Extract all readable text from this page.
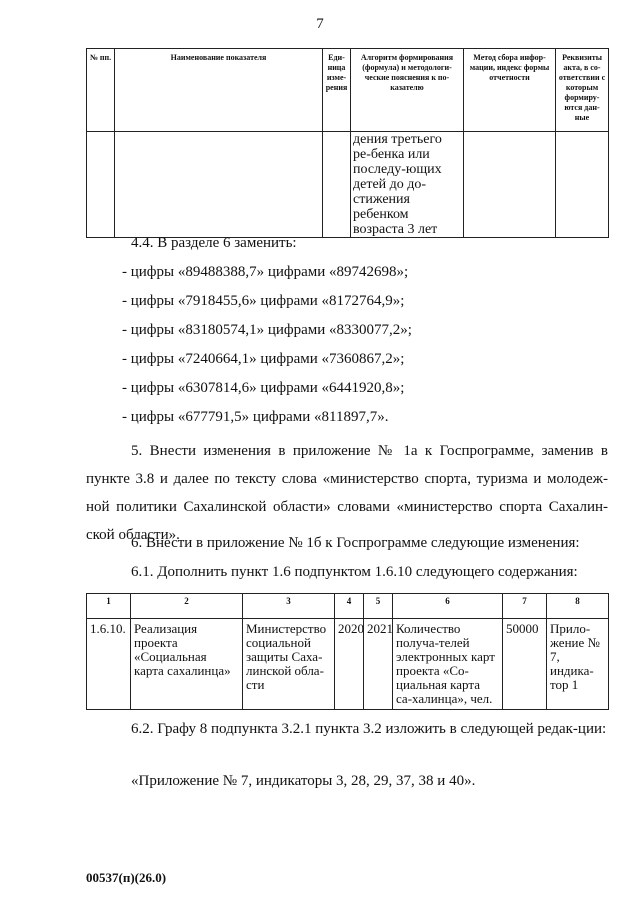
7
№ пп.	Наименование показателя	Еди-ница изме-рения	Алгоритм формирования (формула) и методологи-ческие пояснения к по-казателю	Метод сбора инфор-мации, индекс формы отчетности	Реквизиты акта, в со-ответствии с которым формиру-ются дан-ные
			дения третьего ре-бенка или последу-ющих детей до до-стижения ребенком возраста 3 лет		
4.4. В разделе 6 заменить:
- цифры «89488388,7» цифрами «89742698»;
- цифры «7918455,6» цифрами «8172764,9»;
- цифры «83180574,1» цифрами «8330077,2»;
- цифры «7240664,1» цифрами «7360867,2»;
- цифры «6307814,6» цифрами «6441920,8»;
- цифры «677791,5» цифрами «811897,7».
5. Внести изменения в приложение № 1а к Госпрограмме, заменив в пункте 3.8 и далее по тексту слова «министерство спорта, туризма и молодеж-ной политики Сахалинской области» словами «министерство спорта Сахалин-ской области».
6. Внести в приложение № 1б к Госпрограмме следующие изменения:
6.1. Дополнить пункт 1.6 подпунктом 1.6.10 следующего содержания:
1	2	3	4	5	6	7	8
1.6.10.	Реализация проекта «Социальная карта сахалинца»	Министерство социальной защиты Саха-линской обла-сти	2020	2021	Количество получа-телей электронных карт проекта «Со-циальная карта са-халинца», чел.	50000	Прило-жение № 7, индика-тор 1
6.2. Графу 8 подпункта 3.2.1 пункта 3.2 изложить в следующей редак-ции:
«Приложение № 7, индикаторы 3, 28, 29, 37, 38 и 40».
00537(п)(26.0)
